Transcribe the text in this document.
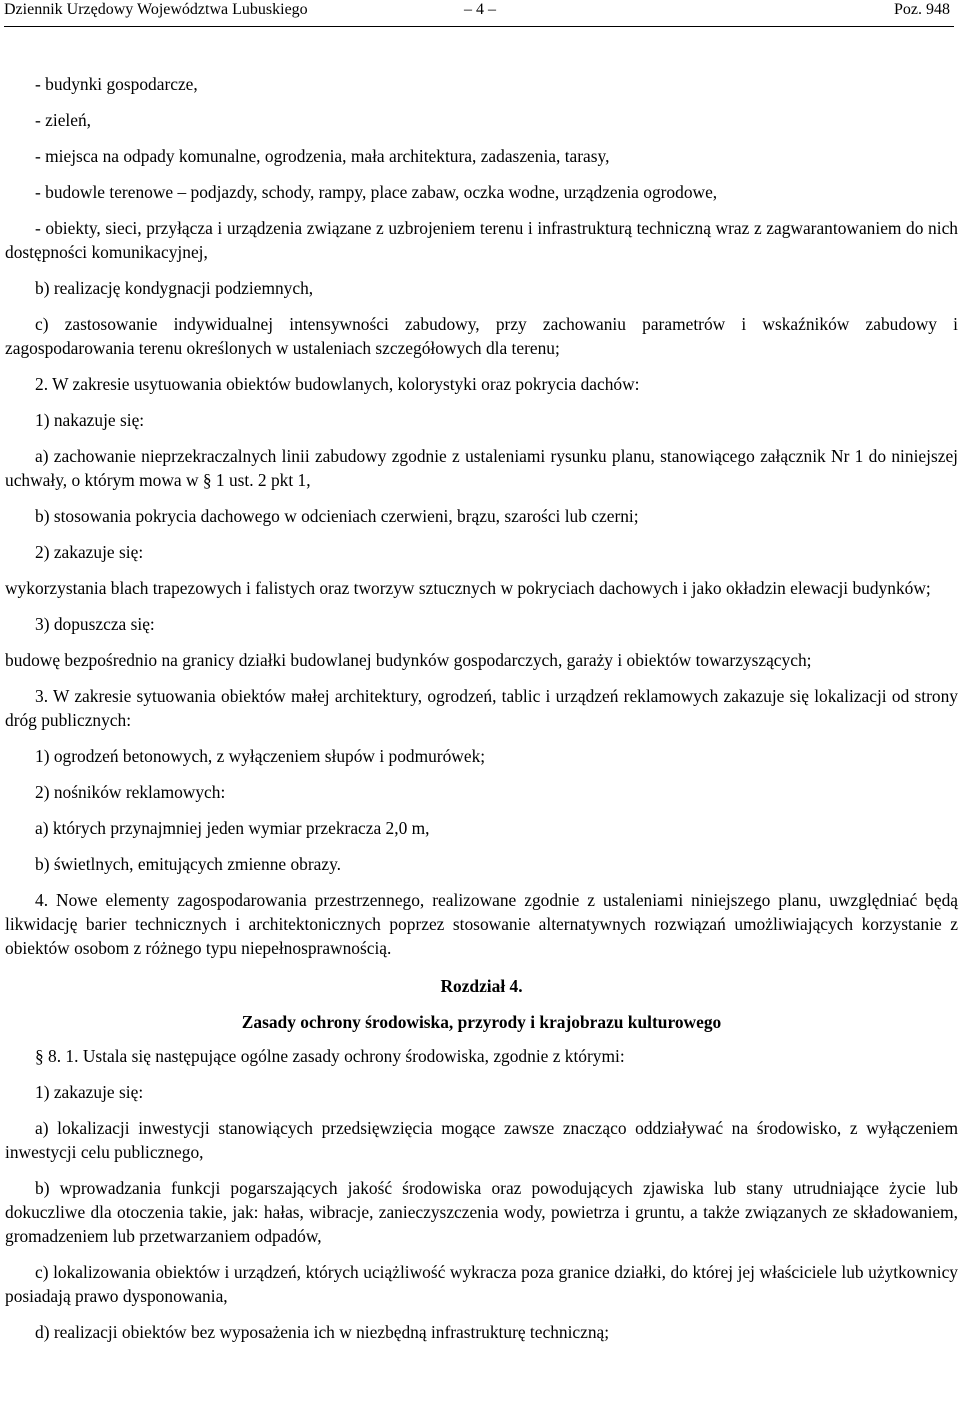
Dziennik Urzędowy Województwa Lubuskiego	– 4 –	Poz. 948

- budynki gospodarcze,

- zieleń,

- miejsca na odpady komunalne, ogrodzenia, mała architektura, zadaszenia, tarasy,

- budowle terenowe – podjazdy, schody, rampy, place zabaw, oczka wodne, urządzenia ogrodowe,

- obiekty, sieci, przyłącza i urządzenia związane z uzbrojeniem terenu i infrastrukturą techniczną wraz z zagwarantowaniem do nich dostępności komunikacyjnej,

b) realizację kondygnacji podziemnych,

c) zastosowanie indywidualnej intensywności zabudowy, przy zachowaniu parametrów i wskaźników zabudowy i zagospodarowania terenu określonych w ustaleniach szczegółowych dla terenu;

2. W zakresie usytuowania obiektów budowlanych, kolorystyki oraz pokrycia dachów:

1) nakazuje się:

a) zachowanie nieprzekraczalnych linii zabudowy zgodnie z ustaleniami rysunku planu, stanowiącego załącznik Nr 1 do niniejszej uchwały, o którym mowa w § 1 ust. 2 pkt 1,

b) stosowania pokrycia dachowego w odcieniach czerwieni, brązu, szarości lub czerni;

2) zakazuje się:

wykorzystania blach trapezowych i falistych oraz tworzyw sztucznych w pokryciach dachowych i jako okładzin elewacji budynków;

3) dopuszcza się:

budowę bezpośrednio na granicy działki budowlanej budynków gospodarczych, garaży i obiektów towarzyszących;

3. W zakresie sytuowania obiektów małej architektury, ogrodzeń, tablic i urządzeń reklamowych zakazuje się lokalizacji od strony dróg publicznych:

1) ogrodzeń betonowych, z wyłączeniem słupów i podmurówek;

2) nośników reklamowych:

a) których przynajmniej jeden wymiar przekracza 2,0 m,

b) świetlnych, emitujących zmienne obrazy.

4. Nowe elementy zagospodarowania przestrzennego, realizowane zgodnie z ustaleniami niniejszego planu, uwzględniać będą likwidację barier technicznych i architektonicznych poprzez stosowanie alternatywnych rozwiązań umożliwiających korzystanie z obiektów osobom z różnego typu niepełnosprawnością.

Rozdział 4.

Zasady ochrony środowiska, przyrody i krajobrazu kulturowego

§ 8. 1. Ustala się następujące ogólne zasady ochrony środowiska, zgodnie z którymi:

1) zakazuje się:

a) lokalizacji inwestycji stanowiących przedsięwzięcia mogące zawsze znacząco oddziaływać na środowisko, z wyłączeniem inwestycji celu publicznego,

b) wprowadzania funkcji pogarszających jakość środowiska oraz powodujących zjawiska lub stany utrudniające życie lub dokuczliwe dla otoczenia takie, jak: hałas, wibracje, zanieczyszczenia wody, powietrza i gruntu, a także związanych ze składowaniem, gromadzeniem lub przetwarzaniem odpadów,

c) lokalizowania obiektów i urządzeń, których uciążliwość wykracza poza granice działki, do której jej właściciele lub użytkownicy posiadają prawo dysponowania,

d) realizacji obiektów bez wyposażenia ich w niezbędną infrastrukturę techniczną;
